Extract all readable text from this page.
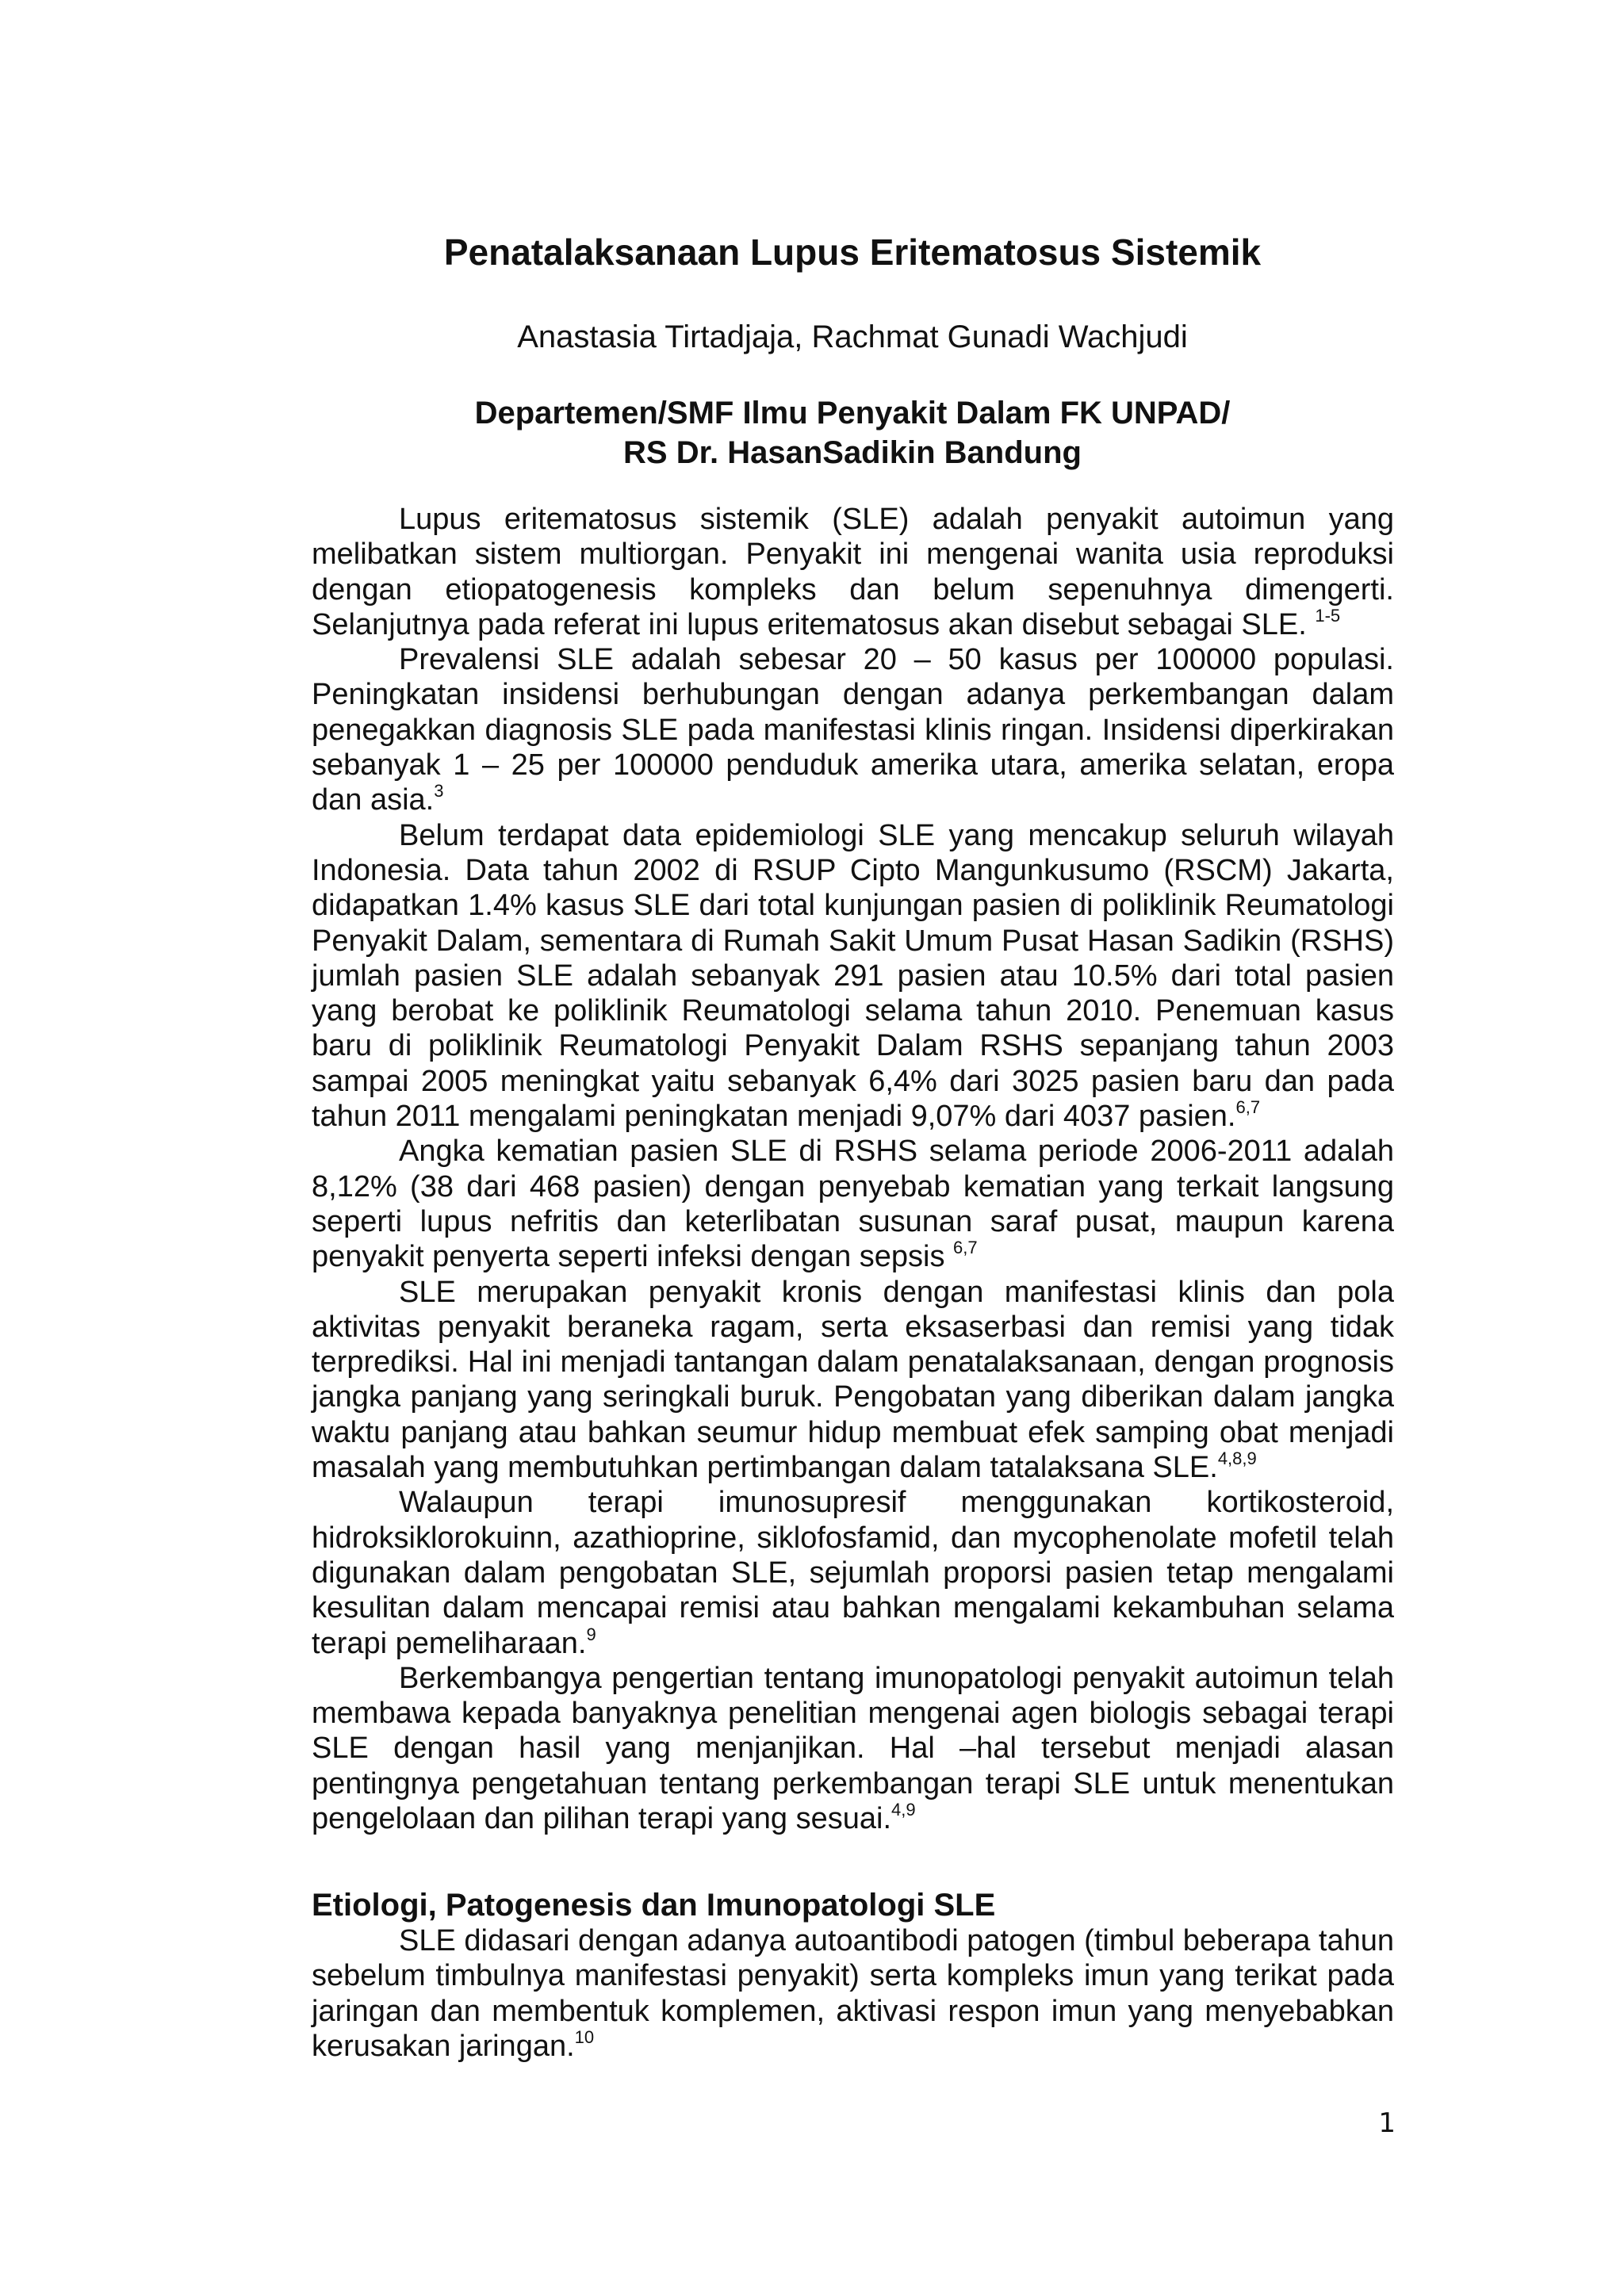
Penatalaksanaan Lupus Eritematosus Sistemik
Anastasia Tirtadjaja, Rachmat Gunadi Wachjudi
Departemen/SMF Ilmu Penyakit Dalam FK UNPAD/
RS Dr. HasanSadikin Bandung

Lupus eritematosus sistemik (SLE) adalah penyakit autoimun yang melibatkan sistem multiorgan. Penyakit ini mengenai wanita usia reproduksi dengan etiopatogenesis kompleks dan belum sepenuhnya dimengerti. Selanjutnya pada referat ini lupus eritematosus akan disebut sebagai SLE. $^{1-5}$

Prevalensi SLE adalah sebesar 20 – 50 kasus per 100000 populasi. Peningkatan insidensi berhubungan dengan adanya perkembangan dalam penegakkan diagnosis SLE pada manifestasi klinis ringan. Insidensi diperkirakan sebanyak 1 – 25 per 100000 penduduk amerika utara, amerika selatan, eropa dan asia.$^3$

Belum terdapat data epidemiologi SLE yang mencakup seluruh wilayah Indonesia. Data tahun 2002 di RSUP Cipto Mangunkusumo (RSCM) Jakarta, didapatkan 1.4% kasus SLE dari total kunjungan pasien di poliklinik Reumatologi Penyakit Dalam, sementara di Rumah Sakit Umum Pusat Hasan Sadikin (RSHS) jumlah pasien SLE adalah sebanyak 291 pasien atau 10.5% dari total pasien yang berobat ke poliklinik Reumatologi selama tahun 2010. Penemuan kasus baru di poliklinik Reumatologi Penyakit Dalam RSHS sepanjang tahun 2003 sampai 2005 meningkat yaitu sebanyak 6,4% dari 3025 pasien baru dan pada tahun 2011 mengalami peningkatan menjadi 9,07% dari 4037 pasien.$^{6,7}$

Angka kematian pasien SLE di RSHS selama periode 2006-2011 adalah 8,12% (38 dari 468 pasien) dengan penyebab kematian yang terkait langsung seperti lupus nefritis dan keterlibatan susunan saraf pusat, maupun karena penyakit penyerta seperti infeksi dengan sepsis $^{6,7}$

SLE merupakan penyakit kronis dengan manifestasi klinis dan pola aktivitas penyakit beraneka ragam, serta eksaserbasi dan remisi yang tidak terprediksi. Hal ini menjadi tantangan dalam penatalaksanaan, dengan prognosis jangka panjang yang seringkali buruk. Pengobatan yang diberikan dalam jangka waktu panjang atau bahkan seumur hidup membuat efek samping obat menjadi masalah yang membutuhkan pertimbangan dalam tatalaksana SLE.$^{4,8,9}$

Walaupun terapi imunosupresif menggunakan kortikosteroid, hidroksiklorokuinn, azathioprine, siklofosfamid, dan mycophenolate mofetil telah digunakan dalam pengobatan SLE, sejumlah proporsi pasien tetap mengalami kesulitan dalam mencapai remisi atau bahkan mengalami kekambuhan selama terapi pemeliharaan.$^9$

Berkembangya pengertian tentang imunopatologi penyakit autoimun telah membawa kepada banyaknya penelitian mengenai agen biologis sebagai terapi SLE dengan hasil yang menjanjikan. Hal –hal tersebut menjadi alasan pentingnya pengetahuan tentang perkembangan terapi SLE untuk menentukan pengelolaan dan pilihan terapi yang sesuai.$^{4,9}$

Etiologi, Patogenesis dan Imunopatologi SLE

SLE didasari dengan adanya autoantibodi patogen (timbul beberapa tahun sebelum timbulnya manifestasi penyakit) serta kompleks imun yang terikat pada jaringan dan membentuk komplemen, aktivasi respon imun yang menyebabkan kerusakan jaringan.$^{10}$

1
